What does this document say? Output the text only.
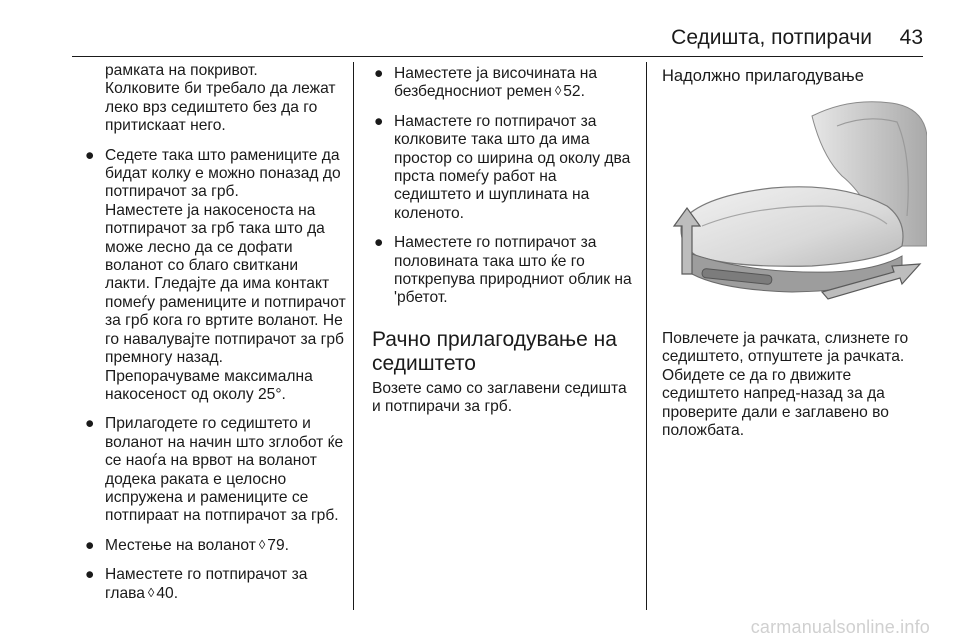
Седишта, потпирачи 43

рамката на покривот.

Колковите би требало да лежат леко врз седиштето без да го притискаат него.

● Седете така што рамениците да бидат колку е можно поназад до потпирачот за грб.
Наместете ја накосеноста на потпирачот за грб така што да може лесно да се дофати воланот со благо свиткани лакти. Гледајте да има контакт помеѓу рамениците и потпирачот за грб кога го вртите воланот. Не го навалувајте потпирачот за грб премногу назад.
Препорачуваме максимална накосеност од околу 25°.
● Прилагодете го седиштето и воланот на начин што зглобот ќе се наоѓа на врвот на воланот додека раката е целосно испружена и рамениците се потпираат на потпирачот за грб.
● Местење на воланот ◊ 79.
● Наместете го потпирачот за глава ◊ 40.
● Наместете ја височината на безбедносниот ремен ◊ 52.
● Намастете го потпирачот за колковите така што да има простор со ширина од околу два прста помеѓу работ на седиштето и шуплината на коленото.
● Наместете го потпирачот за половината така што ќе го поткрепува природниот облик на 'рбетот.
Рачно прилагодување на седиштето

Возете само со заглавени седишта и потпирачи за грб.

Надолжно прилагодување

Повлечете ја рачката, слизнете го седиштето, отпуштете ја рачката. Обидете се да го движите седиштето напред-назад за да проверите дали е заглавено во положбата.

carmanualsonline.info
